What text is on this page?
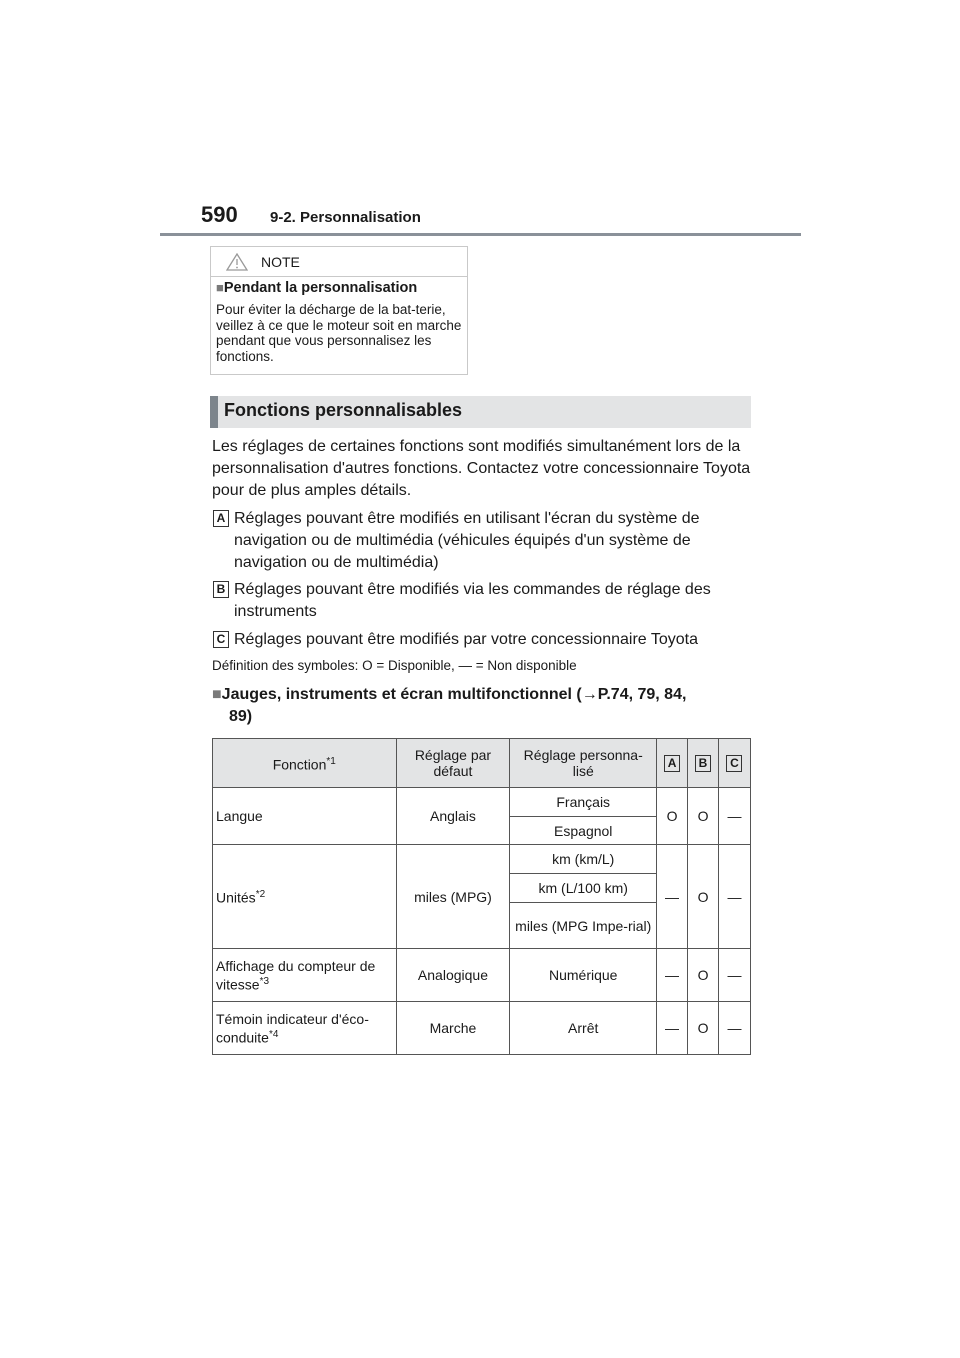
590 9-2. Personnalisation
NOTE
■Pendant la personnalisation
Pour éviter la décharge de la bat-terie, veillez à ce que le moteur soit en marche pendant que vous personnalisez les fonctions.
Fonctions personnalisables
Les réglages de certaines fonctions sont modifiés simultanément lors de la personnalisation d'autres fonctions. Contactez votre concessionnaire Toyota pour de plus amples détails.
A Réglages pouvant être modifiés en utilisant l'écran du système de navigation ou de multimédia (véhicules équipés d'un système de navigation ou de multimédia)
B Réglages pouvant être modifiés via les commandes de réglage des instruments
C Réglages pouvant être modifiés par votre concessionnaire Toyota
Définition des symboles: O = Disponible, — = Non disponible
■Jauges, instruments et écran multifonctionnel (→P.74, 79, 84,
89)
Fonction$^{*1}$	Réglage par défaut	Réglage personna-lisé	A	B	C
Langue	Anglais	Français	O	O	—
		Espagnol			
Unités$^{*2}$	miles (MPG)	km (km/L)	—	O	—
		km (L/100 km)			
		miles (MPG Impe-rial)			
Affichage du compteur de vitesse$^{*3}$	Analogique	Numérique	—	O	—
Témoin indicateur d'éco-conduite$^{*4}$	Marche	Arrêt	—	O	—
